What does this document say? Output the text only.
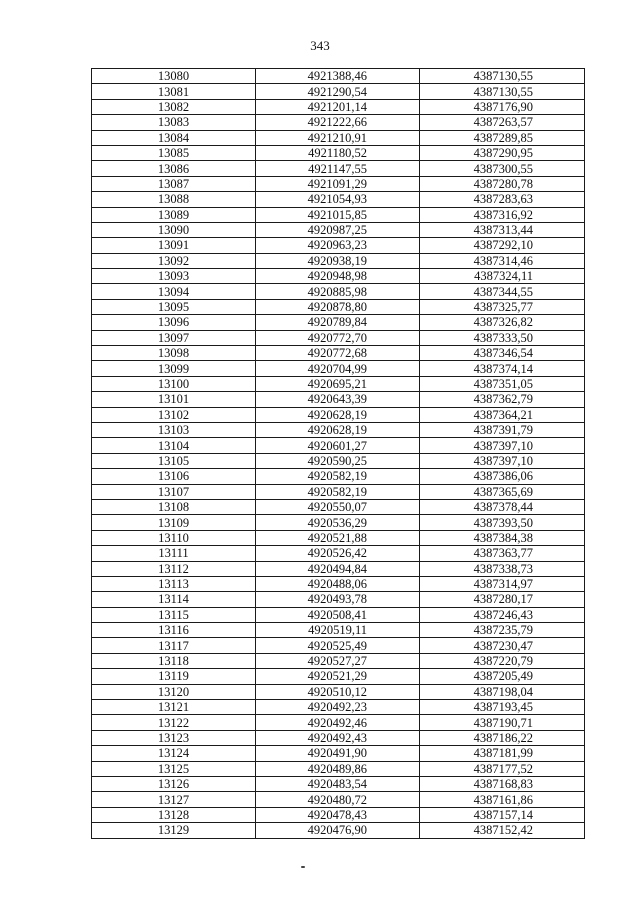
343
13080	4921388,46	4387130,55
13081	4921290,54	4387130,55
13082	4921201,14	4387176,90
13083	4921222,66	4387263,57
13084	4921210,91	4387289,85
13085	4921180,52	4387290,95
13086	4921147,55	4387300,55
13087	4921091,29	4387280,78
13088	4921054,93	4387283,63
13089	4921015,85	4387316,92
13090	4920987,25	4387313,44
13091	4920963,23	4387292,10
13092	4920938,19	4387314,46
13093	4920948,98	4387324,11
13094	4920885,98	4387344,55
13095	4920878,80	4387325,77
13096	4920789,84	4387326,82
13097	4920772,70	4387333,50
13098	4920772,68	4387346,54
13099	4920704,99	4387374,14
13100	4920695,21	4387351,05
13101	4920643,39	4387362,79
13102	4920628,19	4387364,21
13103	4920628,19	4387391,79
13104	4920601,27	4387397,10
13105	4920590,25	4387397,10
13106	4920582,19	4387386,06
13107	4920582,19	4387365,69
13108	4920550,07	4387378,44
13109	4920536,29	4387393,50
13110	4920521,88	4387384,38
13111	4920526,42	4387363,77
13112	4920494,84	4387338,73
13113	4920488,06	4387314,97
13114	4920493,78	4387280,17
13115	4920508,41	4387246,43
13116	4920519,11	4387235,79
13117	4920525,49	4387230,47
13118	4920527,27	4387220,79
13119	4920521,29	4387205,49
13120	4920510,12	4387198,04
13121	4920492,23	4387193,45
13122	4920492,46	4387190,71
13123	4920492,43	4387186,22
13124	4920491,90	4387181,99
13125	4920489,86	4387177,52
13126	4920483,54	4387168,83
13127	4920480,72	4387161,86
13128	4920478,43	4387157,14
13129	4920476,90	4387152,42
